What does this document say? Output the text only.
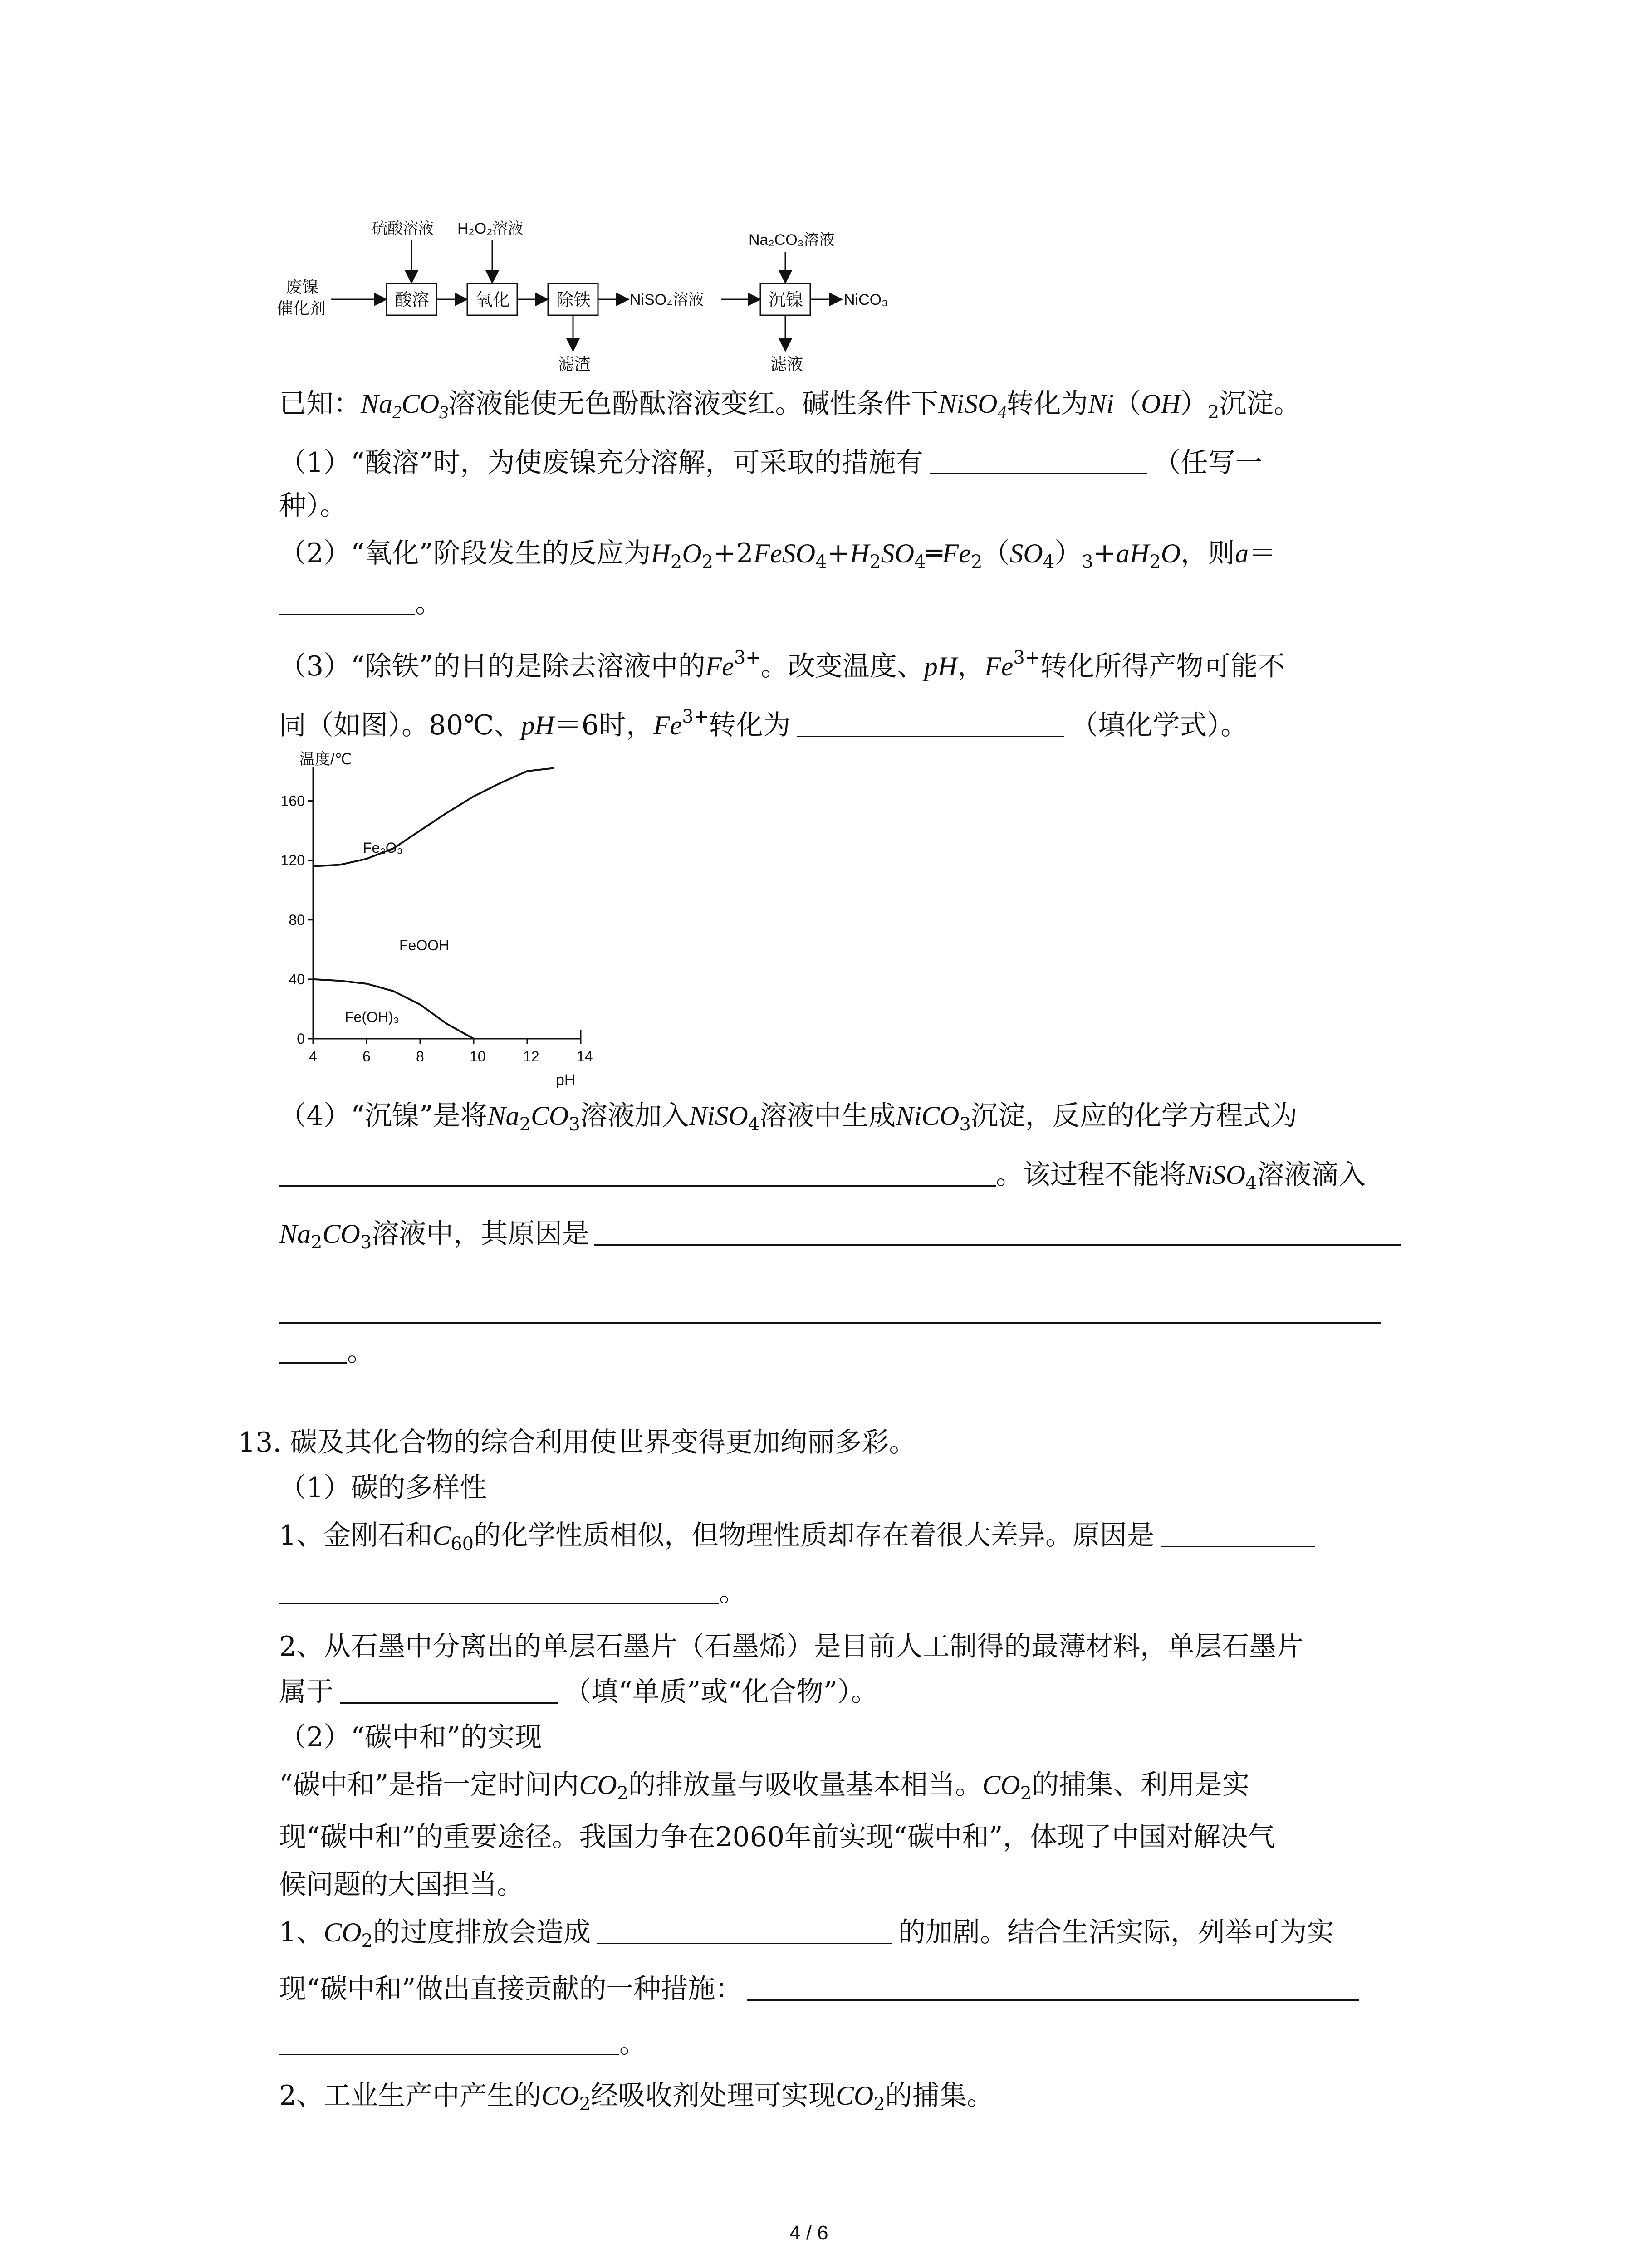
废镍
催化剂	酸溶
硫酸溶液
氧化
H₂O₂溶液
除铁
滤渣
NiSO₄溶液	沉镍
Na₂CO₃溶液
滤液
NiCO₃
已知：$Na_2CO_3$溶液能使无色酚酞溶液变红。碱性条件下NiSO$_4$转化为$Ni(OH)_2$沉淀。
（1）“酸溶”时，为使废镍充分溶解，可采取的措施有	（任写一
种）。
（2）“氧化”阶段发生的反应为$H_2O_2+2FeSO_4+H_2SO_4═Fe_2(SO_4)_3+aH_2O$，则a＝
。
（3）“除铁”的目的是除去溶液中的$Fe^{3+}$。改变温度、pH，$Fe^{3+}$转化所得产物可能不
同（如图）。80℃、pH＝6时，$Fe^{3+}$转化为	（填化学式）。
温度/℃
pH
Fe₂O₃
FeOOH
Fe(OH)₃
4	6	8	10	12	14
0
40
80
120
160
（4）“沉镍”是将$Na_2CO_3$溶液加入NiSO$_4$溶液中生成NiCO$_3$沉淀，反应的化学方程式为
。该过程不能将NiSO$_4$溶液滴入
$Na_2CO_3$溶液中，其原因是
。
13. 碳及其化合物的综合利用使世界变得更加绚丽多彩。
（1）碳的多样性
1、金刚石和$C_{60}$的化学性质相似，但物理性质却存在着很大差异。原因是
。
2、从石墨中分离出的单层石墨片（石墨烯）是目前人工制得的最薄材料，单层石墨片
属于	（填“单质”或“化合物”）。
（2）“碳中和”的实现
“碳中和”是指一定时间内$CO_2$的排放量与吸收量基本相当。$CO_2$的捕集、利用是实
现“碳中和”的重要途径。我国力争在2060年前实现“碳中和”，体现了中国对解决气
候问题的大国担当。
1、$CO_2$的过度排放会造成	的加剧。结合生活实际，列举可为实
现“碳中和”做出直接贡献的一种措施：
。
2、工业生产中产生的$CO_2$经吸收剂处理可实现$CO_2$的捕集。
4 / 6
